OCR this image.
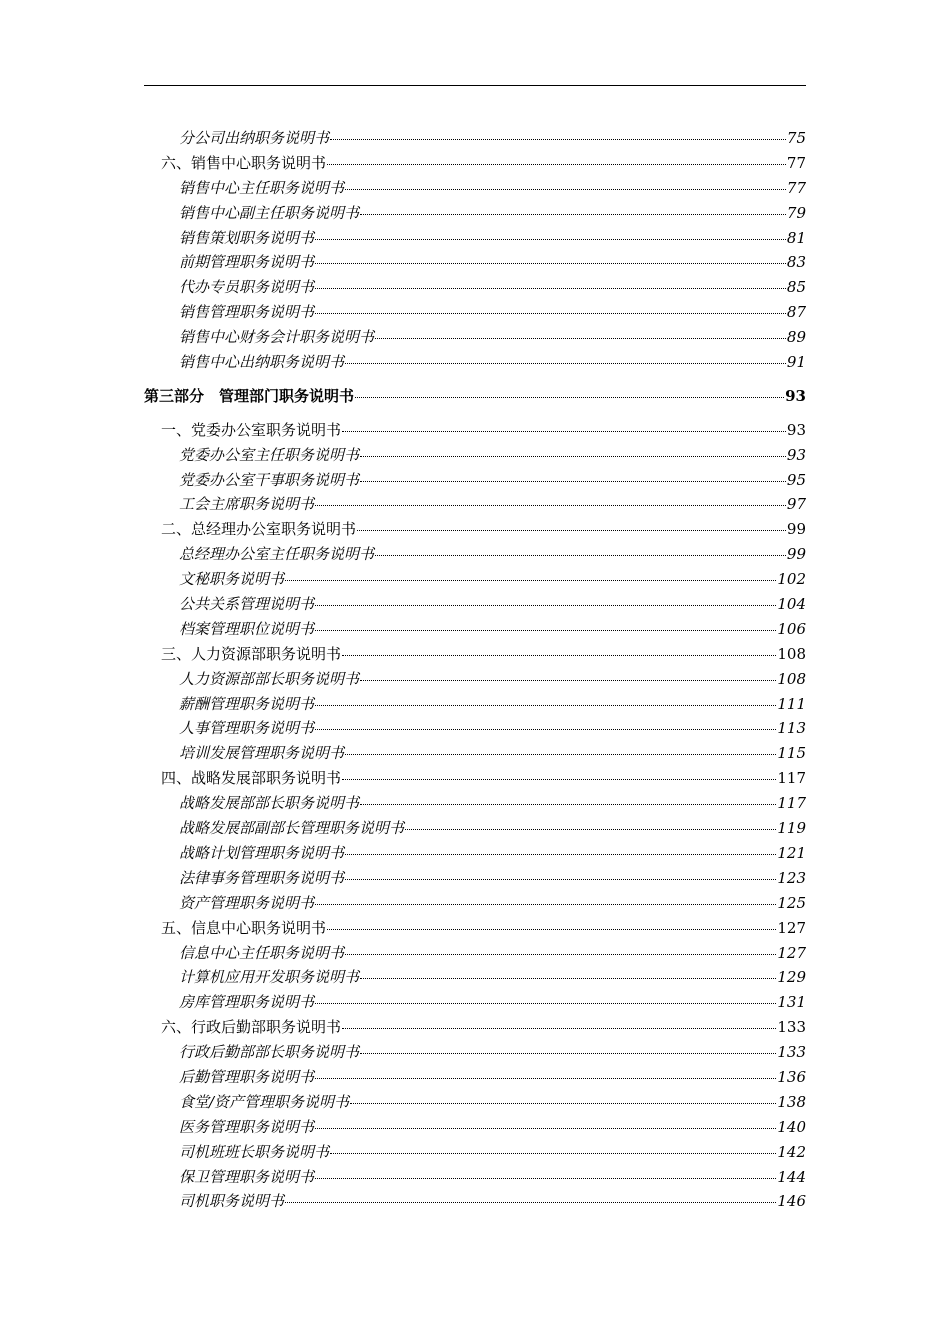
分公司出纳职务说明书	75
六、销售中心职务说明书	77
销售中心主任职务说明书	77
销售中心副主任职务说明书	79
销售策划职务说明书	81
前期管理职务说明书	83
代办专员职务说明书	85
销售管理职务说明书	87
销售中心财务会计职务说明书	89
销售中心出纳职务说明书	91
第三部分　管理部门职务说明书	93
一、党委办公室职务说明书	93
党委办公室主任职务说明书	93
党委办公室干事职务说明书	95
工会主席职务说明书	97
二、总经理办公室职务说明书	99
总经理办公室主任职务说明书	99
文秘职务说明书	102
公共关系管理说明书	104
档案管理职位说明书	106
三、人力资源部职务说明书	108
人力资源部部长职务说明书	108
薪酬管理职务说明书	111
人事管理职务说明书	113
培训发展管理职务说明书	115
四、战略发展部职务说明书	117
战略发展部部长职务说明书	117
战略发展部副部长管理职务说明书	119
战略计划管理职务说明书	121
法律事务管理职务说明书	123
资产管理职务说明书	125
五、信息中心职务说明书	127
信息中心主任职务说明书	127
计算机应用开发职务说明书	129
房库管理职务说明书	131
六、行政后勤部职务说明书	133
行政后勤部部长职务说明书	133
后勤管理职务说明书	136
食堂/资产管理职务说明书	138
医务管理职务说明书	140
司机班班长职务说明书	142
保卫管理职务说明书	144
司机职务说明书	146
